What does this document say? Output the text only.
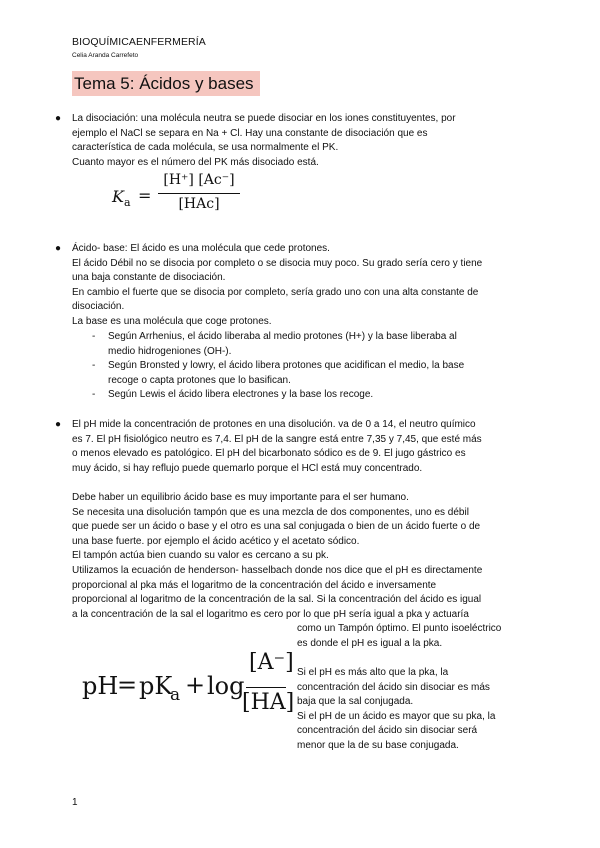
BIOQUÍMICAENFERMERÍA
Celia Aranda Carrefeto
Tema 5: Ácidos y bases
● La disociación: una molécula neutra se puede disociar en los iones constituyentes, por
ejemplo el NaCl se separa en Na + Cl. Hay una constante de disociación que es
característica de cada molécula, se usa normalmente el PK.
Cuanto mayor es el número del PK más disociado está.
K a =
[H⁺] [Ac⁻]
[HAc]
● Ácido- base: El ácido es una molécula que cede protones.
El ácido Débil no se disocia por completo o se disocia muy poco. Su grado sería cero y tiene
una baja constante de disociación.
En cambio el fuerte que se disocia por completo, sería grado uno con una alta constante de
disociación.
La base es una molécula que coge protones.
- Según Arrhenius, el ácido liberaba al medio protones (H+) y la base liberaba al
medio hidrogeniones (OH-).
- Según Bronsted y lowry, el ácido libera protones que acidifican el medio, la base
recoge o capta protones que lo basifican.
- Según Lewis el ácido libera electrones y la base los recoge.
● El pH mide la concentración de protones en una disolución. va de 0 a 14, el neutro químico
es 7. El pH fisiológico neutro es 7,4. El pH de la sangre está entre 7,35 y 7,45, que esté más
o menos elevado es patológico. El pH del bicarbonato sódico es de 9. El jugo gástrico es
muy ácido, si hay reflujo puede quemarlo porque el HCl está muy concentrado.
Debe haber un equilibrio ácido base es muy importante para el ser humano.
Se necesita una disolución tampón que es una mezcla de dos componentes, uno es débil
que puede ser un ácido o base y el otro es una sal conjugada o bien de un ácido fuerte o de
una base fuerte. por ejemplo el ácido acético y el acetato sódico.
El tampón actúa bien cuando su valor es cercano a su pk.
Utilizamos la ecuación de henderson- hasselbach donde nos dice que el pH es directamente
proporcional al pka más el logaritmo de la concentración del ácido e inversamente
proporcional al logaritmo de la concentración de la sal. Si la concentración del ácido es igual
a la concentración de la sal el logaritmo es cero por lo que pH sería igual a pka y actuaría
como un Tampón óptimo. El punto isoeléctrico
es donde el pH es igual a la pka.
Si el pH es más alto que la pka, la
concentración del ácido sin disociar es más
baja que la sal conjugada.
Si el pH de un ácido es mayor que su pka, la
concentración del ácido sin disociar será
menor que la de su base conjugada.
pH
= pK
a + log
[A⁻]
[HA]
1
